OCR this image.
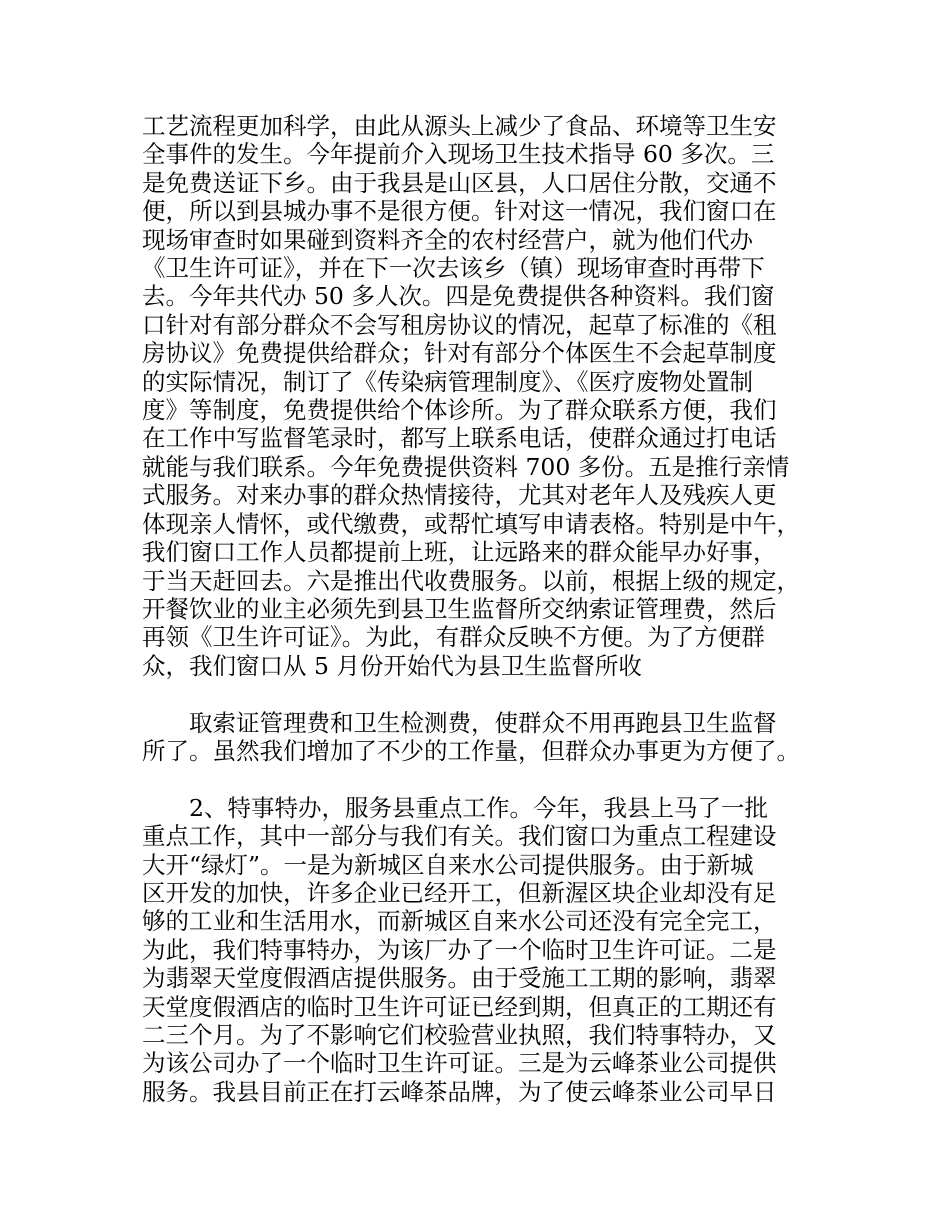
工艺流程更加科学，由此从源头上减少了食品、环境等卫生安
全事件的发生。今年提前介入现场卫生技术指导 60 多次。三
是免费送证下乡。由于我县是山区县，人口居住分散，交通不
便，所以到县城办事不是很方便。针对这一情况，我们窗口在
现场审查时如果碰到资料齐全的农村经营户，就为他们代办
《卫生许可证》，并在下一次去该乡（镇）现场审查时再带下
去。今年共代办 50 多人次。四是免费提供各种资料。我们窗
口针对有部分群众不会写租房协议的情况，起草了标准的《租
房协议》免费提供给群众；针对有部分个体医生不会起草制度
的实际情况，制订了《传染病管理制度》、《医疗废物处置制
度》等制度，免费提供给个体诊所。为了群众联系方便，我们
在工作中写监督笔录时，都写上联系电话，使群众通过打电话
就能与我们联系。今年免费提供资料 700 多份。五是推行亲情
式服务。对来办事的群众热情接待，尤其对老年人及残疾人更
体现亲人情怀，或代缴费，或帮忙填写申请表格。特别是中午，
我们窗口工作人员都提前上班，让远路来的群众能早办好事，
于当天赶回去。六是推出代收费服务。以前，根据上级的规定，
开餐饮业的业主必须先到县卫生监督所交纳索证管理费，然后
再领《卫生许可证》。为此，有群众反映不方便。为了方便群
众，我们窗口从 5 月份开始代为县卫生监督所收
取索证管理费和卫生检测费，使群众不用再跑县卫生监督
所了。虽然我们增加了不少的工作量，但群众办事更为方便了。
2、特事特办，服务县重点工作。今年，我县上马了一批
重点工作，其中一部分与我们有关。我们窗口为重点工程建设
大开“绿灯”。一是为新城区自来水公司提供服务。由于新城
区开发的加快，许多企业已经开工，但新渥区块企业却没有足
够的工业和生活用水，而新城区自来水公司还没有完全完工，
为此，我们特事特办，为该厂办了一个临时卫生许可证。二是
为翡翠天堂度假酒店提供服务。由于受施工工期的影响，翡翠
天堂度假酒店的临时卫生许可证已经到期，但真正的工期还有
二三个月。为了不影响它们校验营业执照，我们特事特办，又
为该公司办了一个临时卫生许可证。三是为云峰茶业公司提供
服务。我县目前正在打云峰茶品牌，为了使云峰茶业公司早日
